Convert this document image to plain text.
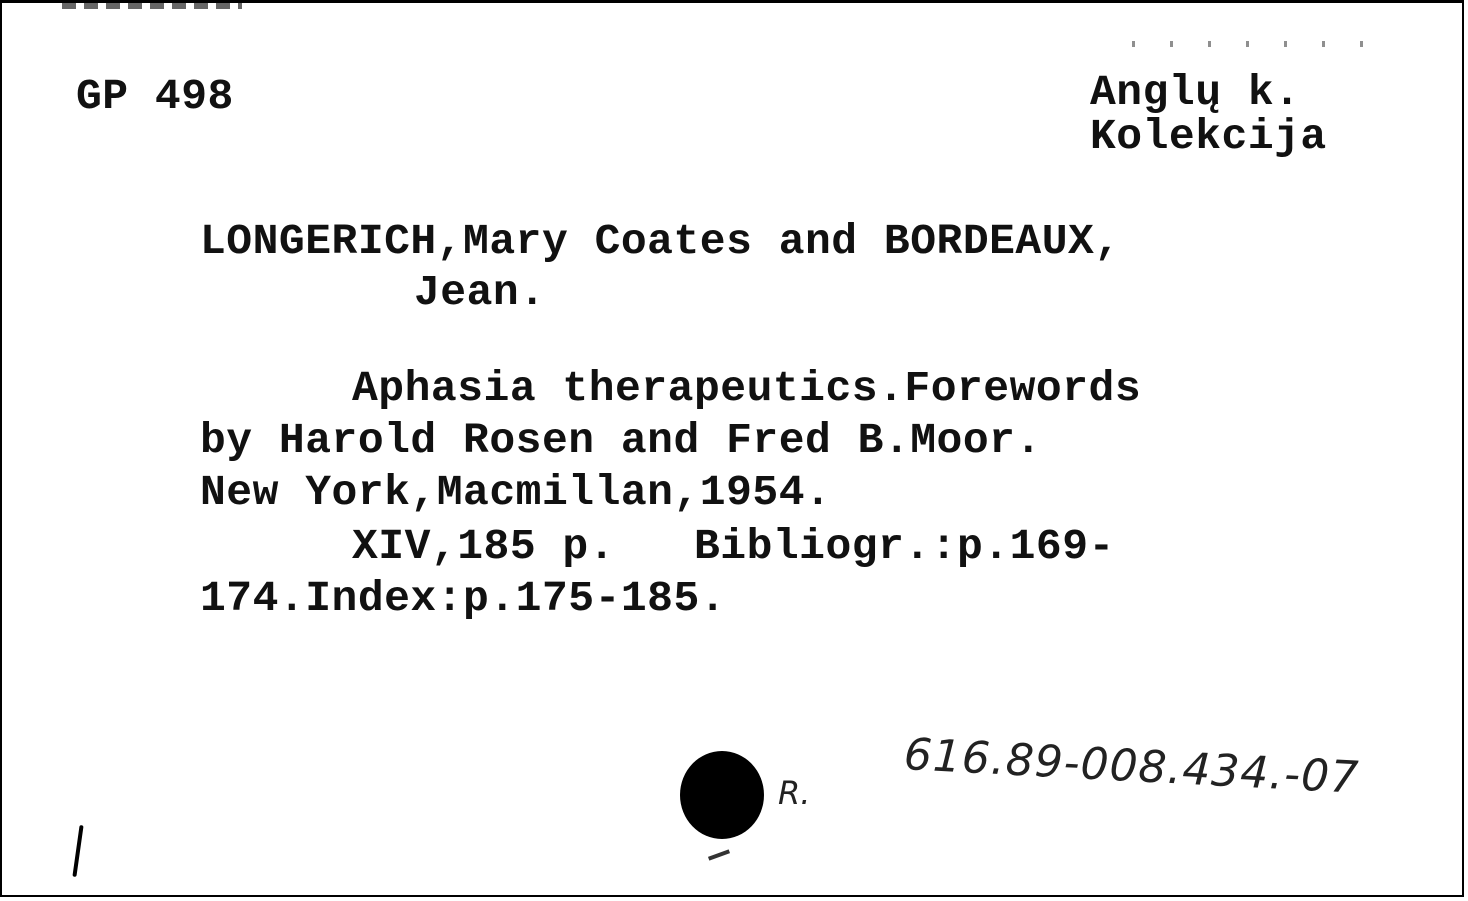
GP 498	Anglų k.
Kolekcija
LONGERICH,Mary Coates and BORDEAUX,
Jean.
Aphasia therapeutics.Forewords
by Harold Rosen and Fred B.Moor.
New York,Macmillan,1954.
XIV,185 p.   Bibliogr.:p.169-
174.Index:p.175-185.
R. 616.89-008.434.-07
